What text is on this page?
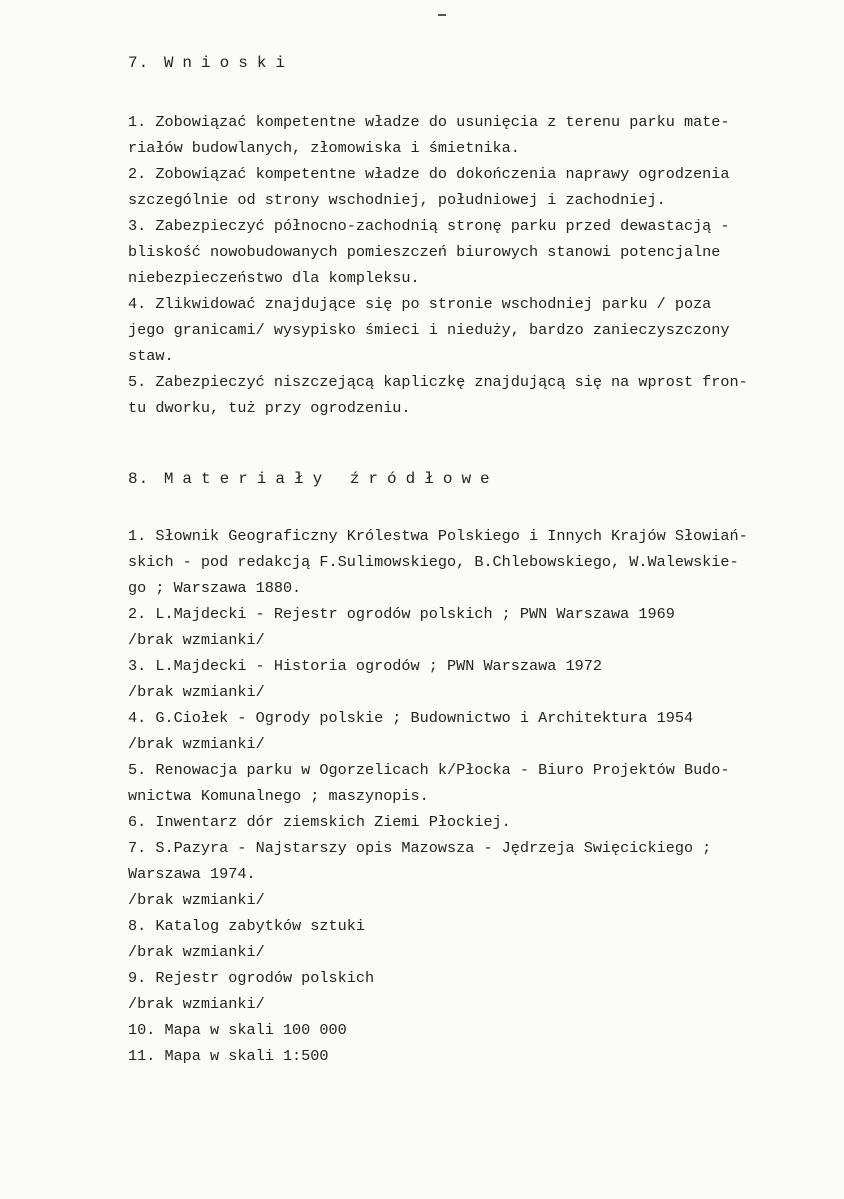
7. Wnioski
1. Zobowiązać kompetentne władze do usunięcia z terenu parku mate-
riałów budowlanych, złomowiska i śmietnika.
2. Zobowiązać kompetentne władze do dokończenia naprawy ogrodzenia
szczególnie od strony wschodniej, południowej i zachodniej.
3. Zabezpieczyć północno-zachodnią stronę parku przed dewastacją -
bliskość nowobudowanych pomieszczeń biurowych stanowi potencjalne
niebezpieczeństwo dla kompleksu.
4. Zlikwidować znajdujące się po stronie wschodniej parku / poza
jego granicami/ wysypisko śmieci i nieduży, bardzo zanieczyszczony
staw.
5. Zabezpieczyć niszczejącą kapliczkę znajdującą się na wprost fron-
tu dworku, tuż przy ogrodzeniu.
8. Materiały źródłowe
1. Słownik Geograficzny Królestwa Polskiego i Innych Krajów Słowiań-
skich - pod redakcją F.Sulimowskiego, B.Chlebowskiego, W.Walewskie-
go ; Warszawa 1880.
2. L.Majdecki - Rejestr ogrodów polskich ; PWN Warszawa 1969
/brak wzmianki/
3. L.Majdecki - Historia ogrodów ; PWN Warszawa 1972
/brak wzmianki/
4. G.Ciołek - Ogrody polskie ; Budownictwo i Architektura 1954
/brak wzmianki/
5. Renowacja parku w Ogorzelicach k/Płocka - Biuro Projektów Budo-
wnictwa Komunalnego ; maszynopis.
6. Inwentarz dór ziemskich Ziemi Płockiej.
7. S.Pazyra - Najstarszy opis Mazowsza - Jędrzeja Swięcickiego ;
Warszawa 1974.
/brak wzmianki/
8. Katalog zabytków sztuki
/brak wzmianki/
9. Rejestr ogrodów polskich
/brak wzmianki/
10. Mapa w skali 100 000
11. Mapa w skali 1:500
